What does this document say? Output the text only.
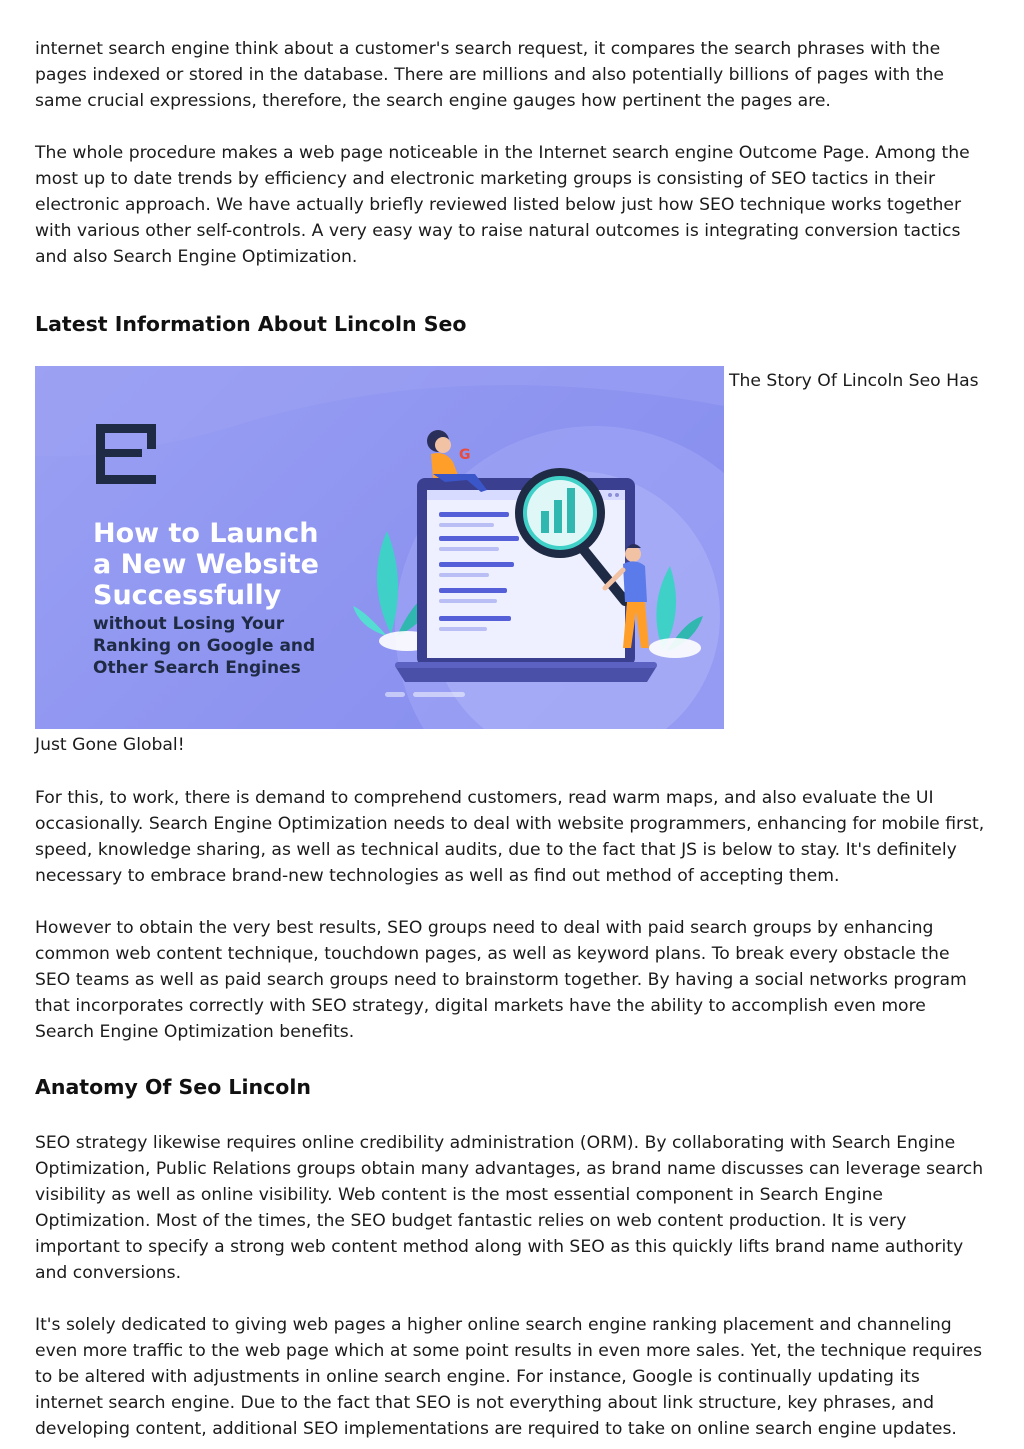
internet search engine think about a customer's search request, it compares the search phrases with the pages indexed or stored in the database. There are millions and also potentially billions of pages with the same crucial expressions, therefore, the search engine gauges how pertinent the pages are.

The whole procedure makes a web page noticeable in the Internet search engine Outcome Page. Among the most up to date trends by efficiency and electronic marketing groups is consisting of SEO tactics in their electronic approach. We have actually briefly reviewed listed below just how SEO technique works together with various other self-controls. A very easy way to raise natural outcomes is integrating conversion tactics and also Search Engine Optimization.

Latest Information About Lincoln Seo
How to Launch
a New Website
Successfully
without Losing Your
Ranking on Google and
Other Search Engines
G
The Story Of Lincoln Seo Has

Just Gone Global!

For this, to work, there is demand to comprehend customers, read warm maps, and also evaluate the UI occasionally. Search Engine Optimization needs to deal with website programmers, enhancing for mobile first, speed, knowledge sharing, as well as technical audits, due to the fact that JS is below to stay. It's definitely necessary to embrace brand-new technologies as well as find out method of accepting them.

However to obtain the very best results, SEO groups need to deal with paid search groups by enhancing common web content technique, touchdown pages, as well as keyword plans. To break every obstacle the SEO teams as well as paid search groups need to brainstorm together. By having a social networks program that incorporates correctly with SEO strategy, digital markets have the ability to accomplish even more Search Engine Optimization benefits.

Anatomy Of Seo Lincoln

SEO strategy likewise requires online credibility administration (ORM). By collaborating with Search Engine Optimization, Public Relations groups obtain many advantages, as brand name discusses can leverage search visibility as well as online visibility. Web content is the most essential component in Search Engine Optimization. Most of the times, the SEO budget fantastic relies on web content production. It is very important to specify a strong web content method along with SEO as this quickly lifts brand name authority and conversions.

It's solely dedicated to giving web pages a higher online search engine ranking placement and channeling even more traffic to the web page which at some point results in even more sales. Yet, the technique requires to be altered with adjustments in online search engine. For instance, Google is continually updating its internet search engine. Due to the fact that SEO is not everything about link structure, key phrases, and developing content, additional SEO implementations are required to take on online search engine updates.
